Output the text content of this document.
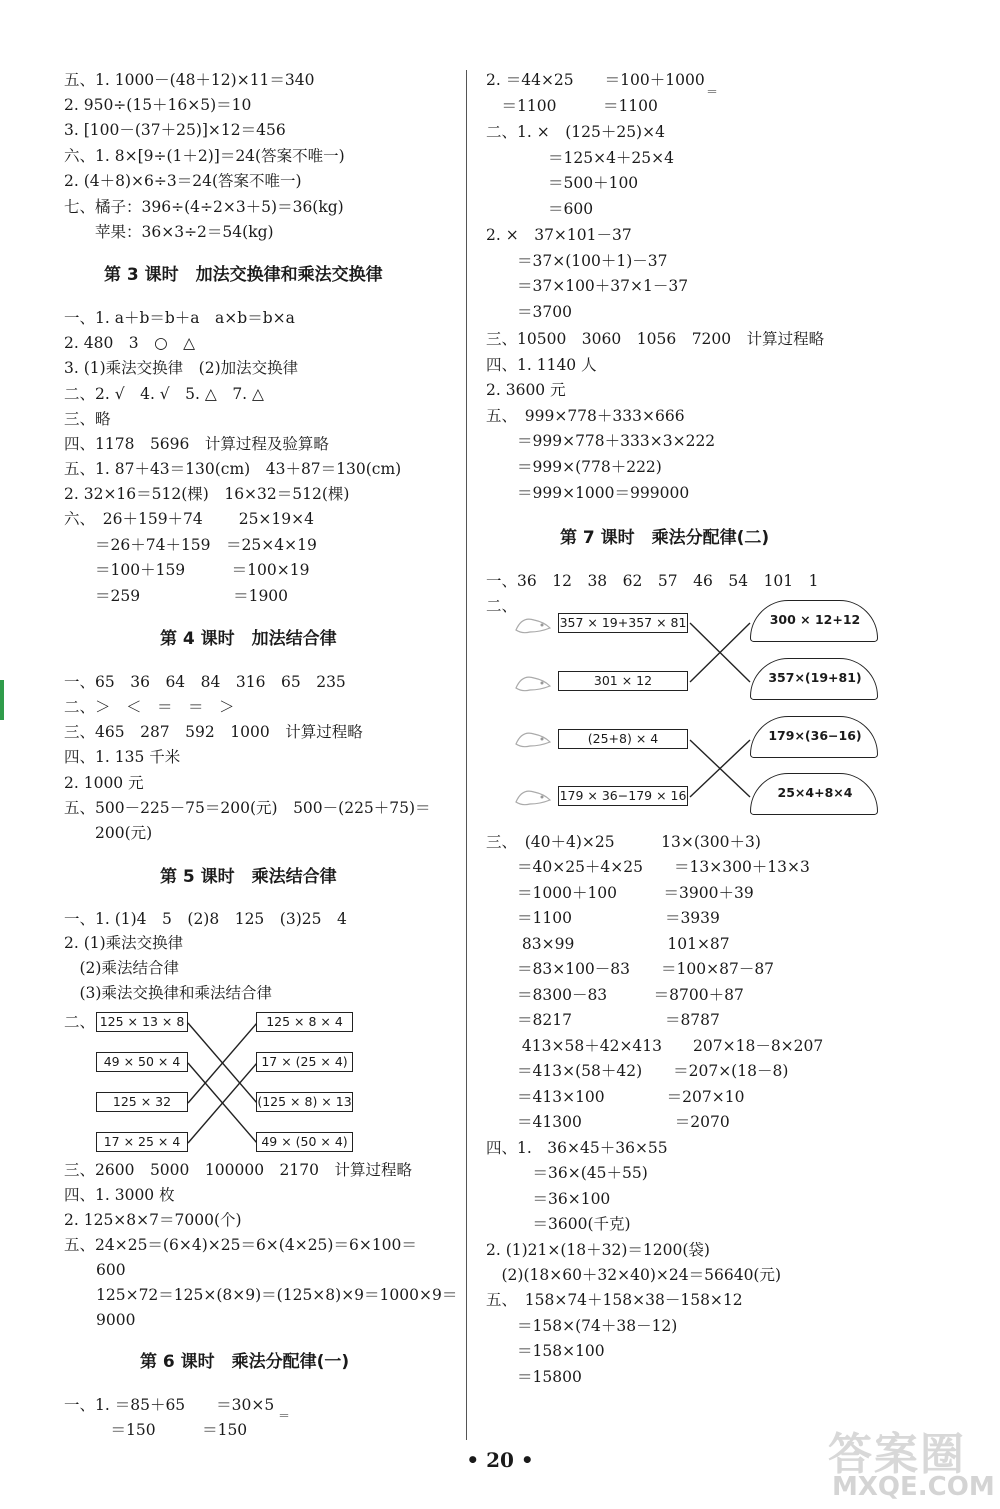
五、1. 1000－(48＋12)×11＝340
2. 950÷(15＋16×5)＝10
3. [100－(37＋25)]×12＝456
六、1. 8×[9÷(1＋2)]＝24(答案不唯一)
2. (4＋8)×6÷3＝24(答案不唯一)
七、橘子：396÷(4÷2×3＋5)＝36(kg)
　　苹果：36×3÷2＝54(kg)
第 3 课时　加法交换律和乘法交换律
一、1. a＋b＝b＋a　a×b＝b×a
2. 480　3　○　△
3. (1)乘法交换律　(2)加法交换律
二、2. √　4. √　5. △　7. △
三、略
四、1178　5696　计算过程及验算略
五、1. 87＋43＝130(cm)　43＋87＝130(cm)
2. 32×16＝512(棵)　16×32＝512(棵)
六、　26＋159＋74　　 25×19×4
　　＝26＋74＋159　＝25×4×19
　　＝100＋159　　　＝100×19
　　＝259　　　　　　＝1900
第 4 课时　加法结合律
一、65　36　64　84　316　65　235
二、＞　＜　＝　＝　＞
三、465　287　592　1000　计算过程略
四、1. 135 千米
2. 1000 元
五、500－225－75＝200(元)　500－(225＋75)＝
　　200(元)
第 5 课时　乘法结合律
一、1. (1)4　5　(2)8　125　(3)25　4
2. (1)乘法交换律
　(2)乘法结合律
　(3)乘法交换律和乘法结合律
二、 125 × 13 × 8
49 × 50 × 4
125 × 32
17 × 25 × 4
125 × 8 × 4
17 × (25 × 4)
(125 × 8) × 13
49 × (50 × 4)
三、2600　5000　100000　2170　计算过程略
四、1. 3000 枚
2. 125×8×7＝7000(个)
五、24×25＝(6×4)×25＝6×(4×25)＝6×100＝
600
125×72＝125×(8×9)＝(125×8)×9＝1000×9＝
9000
第 6 课时　乘法分配律(一)
一、1. ＝85＋65　　＝30×5
　　　＝150　　　＝150
＝
2. ＝44×25　　＝100＋1000
　＝1100　　　＝1100
＝
二、1. ×　(125＋25)×4
　　　　＝125×4＋25×4
　　　　＝500＋100
　　　　＝600
2. ×　37×101－37
　　＝37×(100＋1)－37
　　＝37×100＋37×1－37
　　＝3700
三、10500　3060　1056　7200　计算过程略
四、1. 1140 人
2. 3600 元
五、　999×778＋333×666
　　＝999×778＋333×3×222
　　＝999×(778＋222)
　　＝999×1000＝999000
第 7 课时　乘法分配律(二)
一、36　12　38　62　57　46　54　101　1
二、
357 × 19+357 × 81
301 × 12
(25+8) × 4
179 × 36−179 × 16
300 × 12+12
357×(19+81)
179×(36−16)
25×4+8×4
三、　(40＋4)×25　　　13×(300＋3)
　　＝40×25＋4×25　　＝13×300＋13×3
　　＝1000＋100　　　＝3900＋39
　　＝1100　　　　　　＝3939
　　 83×99　　　　　　101×87
　　＝83×100－83　　＝100×87－87
　　＝8300－83　　　＝8700＋87
　　＝8217　　　　　　＝8787
　　 413×58＋42×413　　207×18－8×207
　　＝413×(58＋42)　　＝207×(18－8)
　　＝413×100　　　　＝207×10
　　＝41300　　　　　　＝2070
四、1.　36×45＋36×55
　　　＝36×(45＋55)
　　　＝36×100
　　　＝3600(千克)
2. (1)21×(18＋32)＝1200(袋)
　(2)(18×60＋32×40)×24＝56640(元)
五、　158×74＋158×38－158×12
　　＝158×(74＋38－12)
　　＝158×100
　　＝15800
• 20 •	答案圈
MXQE.COM
